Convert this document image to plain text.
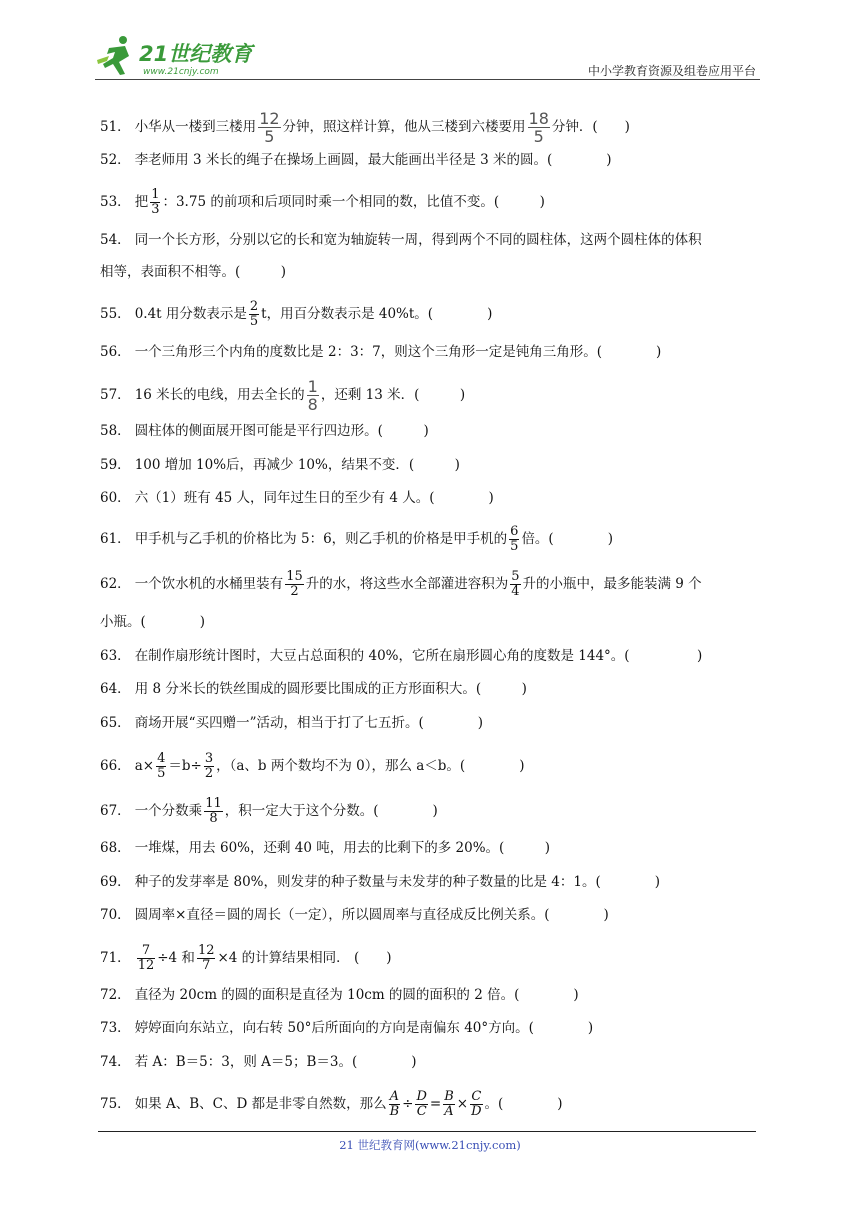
21世纪教育
www.21cnjy.com	中小学教育资源及组卷应用平台
51． 小华从一楼到三楼用 $\frac{12}{5}$ 分钟，照这样计算，他从三楼到六楼要用 $\frac{18}{5}$ 分钟．(　　)
52． 李老师用 3 米长的绳子在操场上画圆，最大能画出半径是 3 米的圆。(　　　　)
53． 把 $\frac{1}{3}$ ：3.75 的前项和后项同时乘一个相同的数，比值不变。(　　　)
54． 同一个长方形，分别以它的长和宽为轴旋转一周，得到两个不同的圆柱体，这两个圆柱体的体积
相等，表面积不相等。(　　　)
55． 0.4t 用分数表示是 $\frac{2}{5}$ t，用百分数表示是 40%t。(　　　　)
56． 一个三角形三个内角的度数比是 2：3：7，则这个三角形一定是钝角三角形。(　　　　)
57． 16 米长的电线，用去全长的 $\frac{1}{8}$ ，还剩 13 米．(　　　)
58． 圆柱体的侧面展开图可能是平行四边形。(　　　)
59． 100 增加 10%后，再减少 10%，结果不变．(　　　)
60． 六（1）班有 45 人，同年过生日的至少有 4 人。(　　　　)
61． 甲手机与乙手机的价格比为 5：6，则乙手机的价格是甲手机的 $\frac{6}{5}$ 倍。(　　　　)
62． 一个饮水机的水桶里装有 $\frac{15}{2}$ 升的水，将这些水全部灌进容积为 $\frac{5}{4}$ 升的小瓶中，最多能装满 9 个
小瓶。(　　　　)
63． 在制作扇形统计图时，大豆占总面积的 40%，它所在扇形圆心角的度数是 144°。(　　　　　)
64． 用 8 分米长的铁丝围成的圆形要比围成的正方形面积大。(　　　)
65． 商场开展“买四赠一”活动，相当于打了七五折。(　　　　)
66． $a\times \frac{4}{5} =b\div \frac{3}{2}$ ，（a、b 两个数均不为 0），那么 a＜b。(　　　　)
67． 一个分数乘 $\frac{11}{8}$ ，积一定大于这个分数。(　　　　)
68． 一堆煤，用去 60%，还剩 40 吨，用去的比剩下的多 20%。(　　　)
69． 种子的发芽率是 80%，则发芽的种子数量与未发芽的种子数量的比是 4：1。(　　　　)
70． 圆周率×直径＝圆的周长（一定），所以圆周率与直径成反比例关系。(　　　　)
71． $\frac{7}{12} \div 4$ 和 $\frac{12}{7} \times 4$ 的计算结果相同． (　　)
72． 直径为 20cm 的圆的面积是直径为 10cm 的圆的面积的 2 倍。(　　　　)
73． 婷婷面向东站立，向右转 50°后所面向的方向是南偏东 40°方向。(　　　　)
74． 若 A：B＝5：3，则 A＝5；B＝3。(　　　　)
75． 如果 A、B、C、D 都是非零自然数，那么 $\frac{A}{B} \div \frac{D}{C} = \frac{B}{A} \times \frac{C}{D}$ 。(　　　　)
21 世纪教育网(www.21cnjy.com)
